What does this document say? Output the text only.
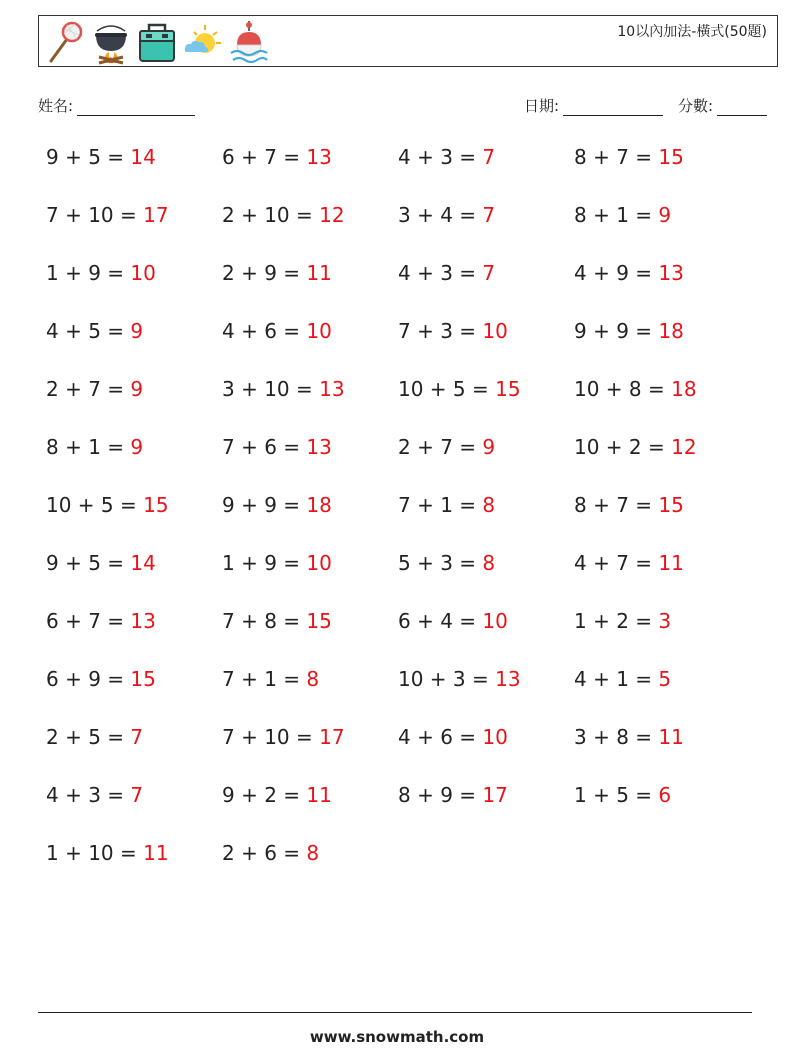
10以內加法-橫式(50題)
姓名:	日期:	分數:
9 + 5 = 14
7 + 10 = 17
1 + 9 = 10
4 + 5 = 9
2 + 7 = 9
8 + 1 = 9
10 + 5 = 15
9 + 5 = 14
6 + 7 = 13
6 + 9 = 15
2 + 5 = 7
4 + 3 = 7
1 + 10 = 11
6 + 7 = 13
2 + 10 = 12
2 + 9 = 11
4 + 6 = 10
3 + 10 = 13
7 + 6 = 13
9 + 9 = 18
1 + 9 = 10
7 + 8 = 15
7 + 1 = 8
7 + 10 = 17
9 + 2 = 11
2 + 6 = 8
4 + 3 = 7
3 + 4 = 7
4 + 3 = 7
7 + 3 = 10
10 + 5 = 15
2 + 7 = 9
7 + 1 = 8
5 + 3 = 8
6 + 4 = 10
10 + 3 = 13
4 + 6 = 10
8 + 9 = 17
8 + 7 = 15
8 + 1 = 9
4 + 9 = 13
9 + 9 = 18
10 + 8 = 18
10 + 2 = 12
8 + 7 = 15
4 + 7 = 11
1 + 2 = 3
4 + 1 = 5
3 + 8 = 11
1 + 5 = 6
www.snowmath.com
